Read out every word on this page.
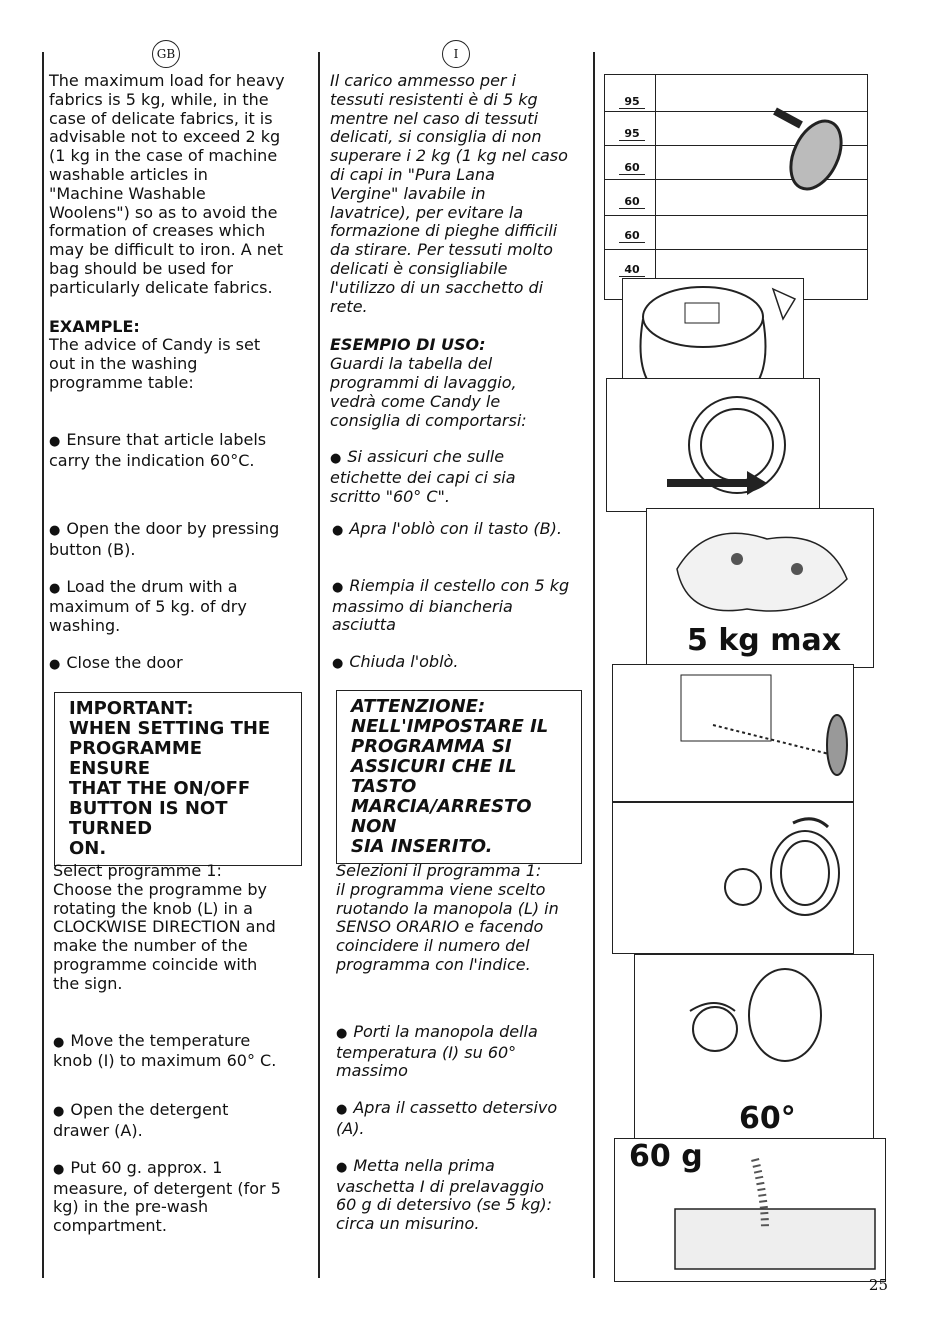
GB

The maximum load for heavy
fabrics is 5 kg, while, in the
case of delicate fabrics, it is
advisable not to exceed 2 kg
(1 kg in the case of machine
washable articles in
"Machine Washable
Woolens") so as to avoid the
formation of creases which
may be difficult to iron. A net
bag should be used for
particularly delicate fabrics.

EXAMPLE:

The advice of Candy is set
out in the washing
programme table:

● Ensure that article labels
carry the indication 60°C.

● Open the door by pressing
button (B).

● Load the drum with a
maximum of 5 kg. of dry
washing.

● Close the door

IMPORTANT:
WHEN SETTING THE
PROGRAMME ENSURE
THAT THE ON/OFF
BUTTON IS NOT TURNED
ON.

Select programme 1:
Choose the programme by
rotating the knob (L) in a
CLOCKWISE DIRECTION and
make the number of the
programme coincide with
the sign.

● Move the temperature
knob (I) to maximum 60° C.

● Open the detergent
drawer (A).

● Put 60 g. approx. 1
measure, of detergent (for 5
kg) in the pre-wash
compartment.

I

Il carico ammesso per i
tessuti resistenti è di 5 kg
mentre nel caso di tessuti
delicati, si consiglia di non
superare i 2 kg (1 kg nel caso
di capi in "Pura Lana
Vergine" lavabile in
lavatrice), per evitare la
formazione di pieghe difficili
da stirare. Per tessuti molto
delicati è consigliabile
l'utilizzo di un sacchetto di
rete.

ESEMPIO DI USO:

Guardi la tabella del
programmi di lavaggio,
vedrà come Candy le
consiglia di comportarsi:

● Si assicuri che sulle
etichette dei capi ci sia
scritto "60° C".

● Apra l'oblò con il tasto (B).

● Riempia il cestello con 5 kg
massimo di biancheria
asciutta

● Chiuda l'oblò.

ATTENZIONE:
NELL'IMPOSTARE IL
PROGRAMMA SI
ASSICURI CHE IL TASTO
MARCIA/ARRESTO NON
SIA INSERITO.

Selezioni il programma 1:
il programma viene scelto
ruotando la manopola (L) in
SENSO ORARIO e facendo
coincidere il numero del
programma con l'indice.

● Porti la manopola della
temperatura (I) su 60°
massimo

● Apra il cassetto detersivo
(A).

● Metta nella prima
vaschetta I di prelavaggio
60 g di detersivo (se 5 kg):
circa un misurino.

95
95
60
60
60
40
5 kg max
60°
60 g
25
